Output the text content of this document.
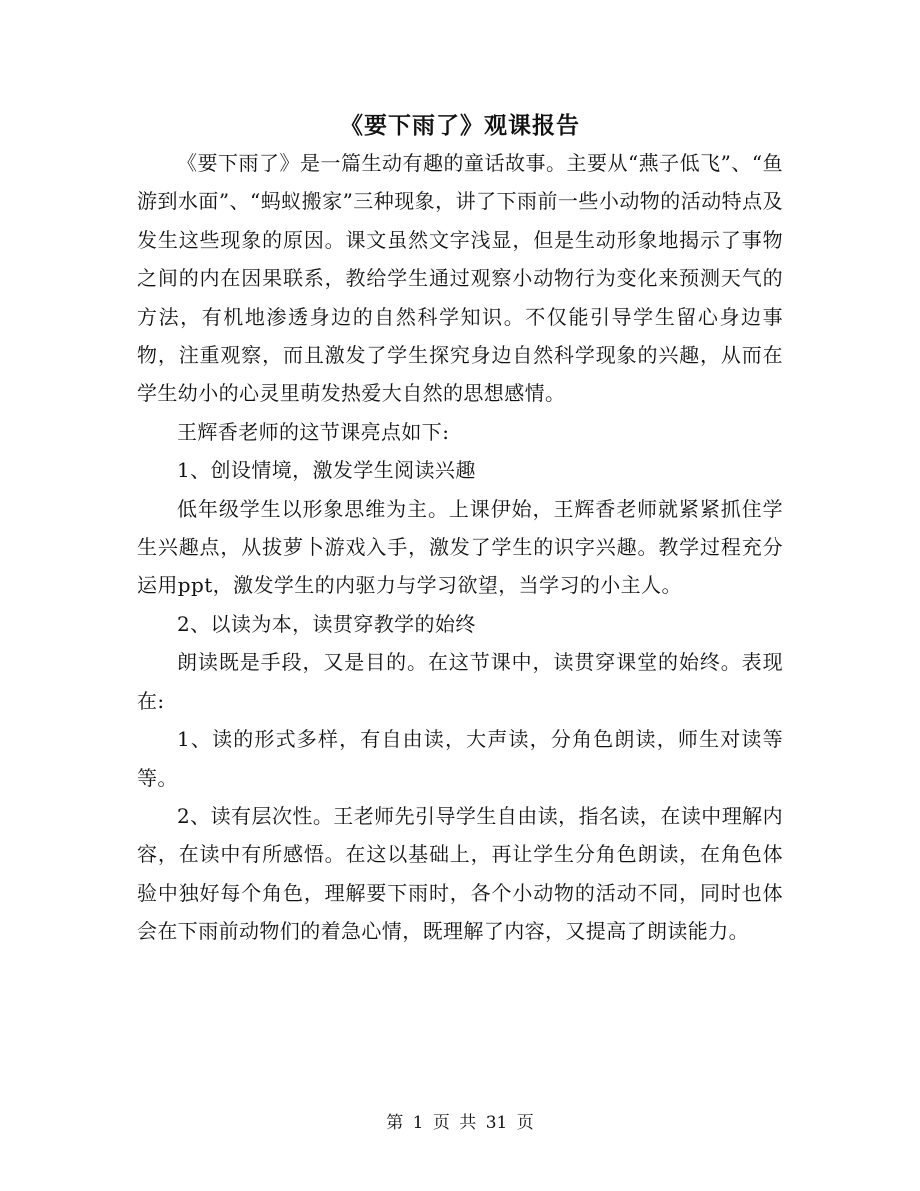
《要下雨了》观课报告

《要下雨了》是一篇生动有趣的童话故事。主要从“燕子低飞”、“鱼游到水面”、“蚂蚁搬家”三种现象，讲了下雨前一些小动物的活动特点及发生这些现象的原因。课文虽然文字浅显，但是生动形象地揭示了事物之间的内在因果联系，教给学生通过观察小动物行为变化来预测天气的方法，有机地渗透身边的自然科学知识。不仅能引导学生留心身边事物，注重观察，而且激发了学生探究身边自然科学现象的兴趣，从而在学生幼小的心灵里萌发热爱大自然的思想感情。

王辉香老师的这节课亮点如下:

1、创设情境，激发学生阅读兴趣

低年级学生以形象思维为主。上课伊始，王辉香老师就紧紧抓住学生兴趣点，从拔萝卜游戏入手，激发了学生的识字兴趣。教学过程充分运用ppt，激发学生的内驱力与学习欲望，当学习的小主人。

2、以读为本，读贯穿教学的始终

朗读既是手段，又是目的。在这节课中，读贯穿课堂的始终。表现在:

1、读的形式多样，有自由读，大声读，分角色朗读，师生对读等等。

2、读有层次性。王老师先引导学生自由读，指名读，在读中理解内容，在读中有所感悟。在这以基础上，再让学生分角色朗读，在角色体验中独好每个角色，理解要下雨时，各个小动物的活动不同，同时也体会在下雨前动物们的着急心情，既理解了内容，又提高了朗读能力。

第 1 页 共 31 页
